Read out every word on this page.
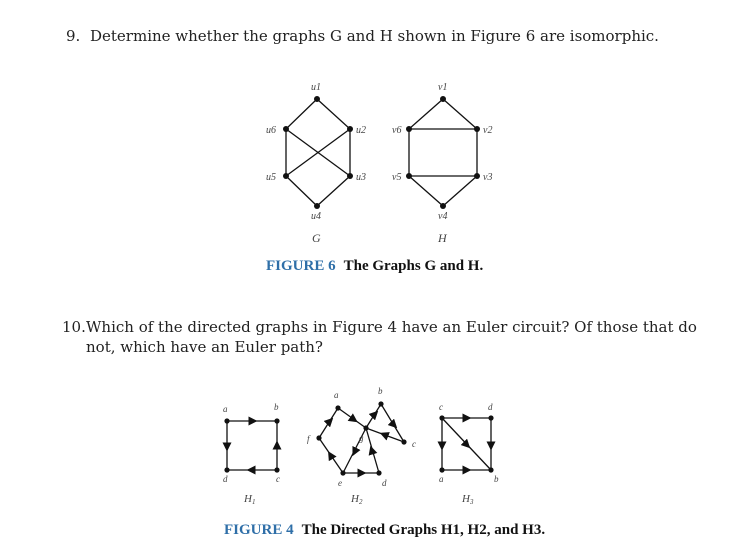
9. Determine whether the graphs G and H shown in Figure 6 are isomorphic.
u1
u2
u3
u4
u5
u6
G
v1
v2
v3
v4
v5
v6
H
FIGURE 6 The Graphs G and H.
10.Which of the directed graphs in Figure 4 have an Euler circuit? Of those that do
not, which have an Euler path?
a	b
c
d
H1
a	b
c
d
e
f	g
H2
a	b
c	d
H3
FIGURE 4 The Directed Graphs H1, H2, and H3.
